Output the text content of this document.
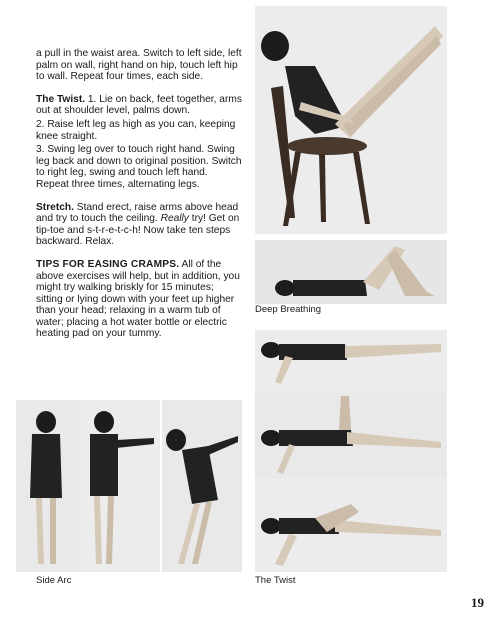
a pull in the waist area. Switch to left side, left palm on wall, right hand on hip, touch left hip to wall. Repeat four times, each side.

The Twist. 1. Lie on back, feet together, arms out at shoulder level, palms down.

2. Raise left leg as high as you can, keeping knee straight.

3. Swing leg over to touch right hand. Swing leg back and down to original position. Switch to right leg, swing and touch left hand. Repeat three times, alternating legs.

Stretch. Stand erect, raise arms above head and try to touch the ceiling. Really try! Get on tip-toe and s-t-r-e-t-c-h! Now take ten steps backward. Relax.

TIPS FOR EASING CRAMPS. All of the above exercises will help, but in addition, you might try walking briskly for 15 minutes; sitting or lying down with your feet up higher than your head; relaxing in a warm tub of water; placing a hot water bottle or electric heating pad on your tummy.

Deep Breathing
The Twist
Side Arc
19
